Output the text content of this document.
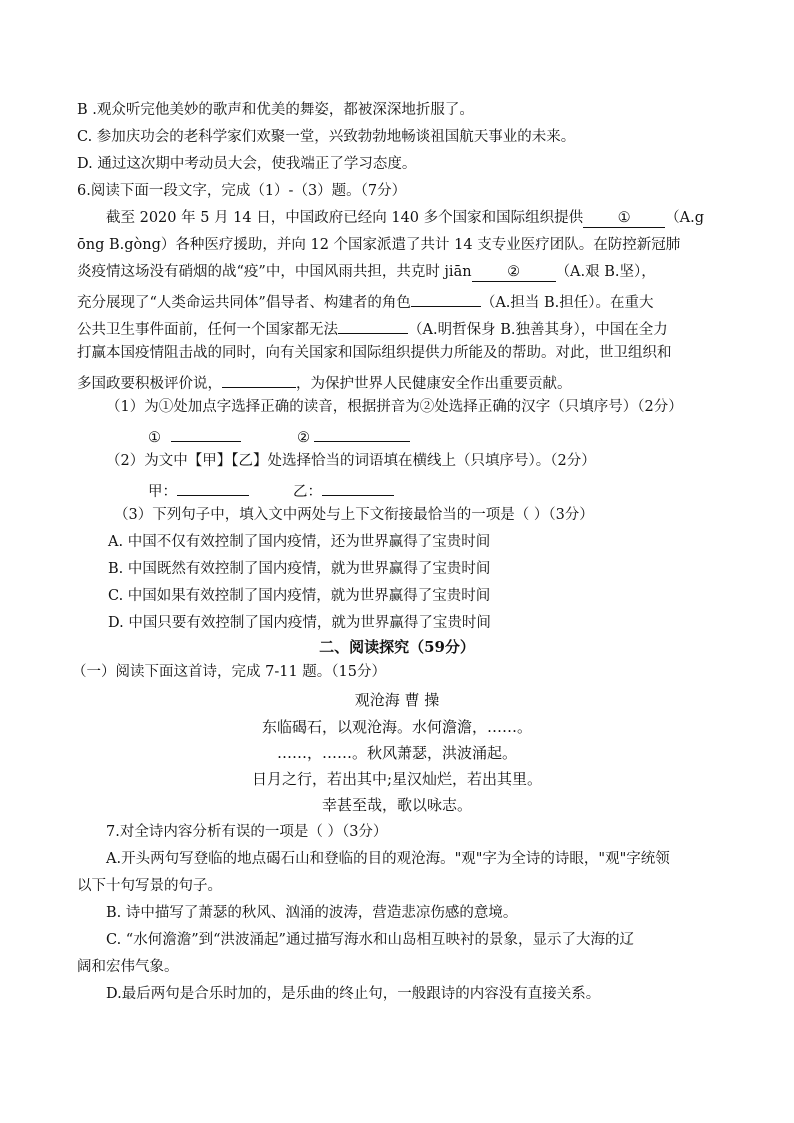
B .观众听完他美妙的歌声和优美的舞姿，都被深深地折服了。
C. 参加庆功会的老科学家们欢聚一堂，兴致勃勃地畅谈祖国航天事业的未来。
D. 通过这次期中考动员大会，使我端正了学习态度。
6.阅读下面一段文字，完成（1）-（3）题。（7分）
截至 2020 年 5 月 14 日，中国政府已经向 140 多个国家和国际组织提供 ① （A.g
ōng B.gòng）各种医疗援助，并向 12 个国家派遣了共计 14 支专业医疗团队。在防控新冠肺
炎疫情这场没有硝烟的战“疫”中，中国风雨共担，共克时 jiān ② （A.艰 B.坚），
充分展现了“人类命运共同体”倡导者、构建者的角色	（A.担当 B.担任）。在重大
公共卫生事件面前，任何一个国家都无法	（A.明哲保身 B.独善其身），中国在全力
打赢本国疫情阻击战的同时，向有关国家和国际组织提供力所能及的帮助。对此，世卫组织和
多国政要积极评价说，	，为保护世界人民健康安全作出重要贡献。
（1）为①处加点字选择正确的读音，根据拼音为②处选择正确的汉字（只填序号）（2分）
①	②
（2）为文中【甲】【乙】处选择恰当的词语填在横线上（只填序号）。（2分）
甲：	乙：
（3）下列句子中，填入文中两处与上下文衔接最恰当的一项是（ ）（3分）
A. 中国不仅有效控制了国内疫情，还为世界赢得了宝贵时间
B. 中国既然有效控制了国内疫情，就为世界赢得了宝贵时间
C. 中国如果有效控制了国内疫情，就为世界赢得了宝贵时间
D. 中国只要有效控制了国内疫情，就为世界赢得了宝贵时间
二、阅读探究（59分）
（一）阅读下面这首诗，完成 7-11 题。（15分）
观沧海 曹 操
东临碣石，以观沧海。水何澹澹，……。
……，……。秋风萧瑟，洪波涌起。
日月之行，若出其中;星汉灿烂，若出其里。
幸甚至哉，歌以咏志。
7.对全诗内容分析有误的一项是（ ）（3分）
A.开头两句写登临的地点碣石山和登临的目的观沧海。"观"字为全诗的诗眼，"观"字统领
以下十句写景的句子。
B. 诗中描写了萧瑟的秋风、汹涌的波涛，营造悲凉伤感的意境。
C. “水何澹澹”到“洪波涌起”通过描写海水和山岛相互映衬的景象，显示了大海的辽
阔和宏伟气象。
D.最后两句是合乐时加的，是乐曲的终止句，一般跟诗的内容没有直接关系。
